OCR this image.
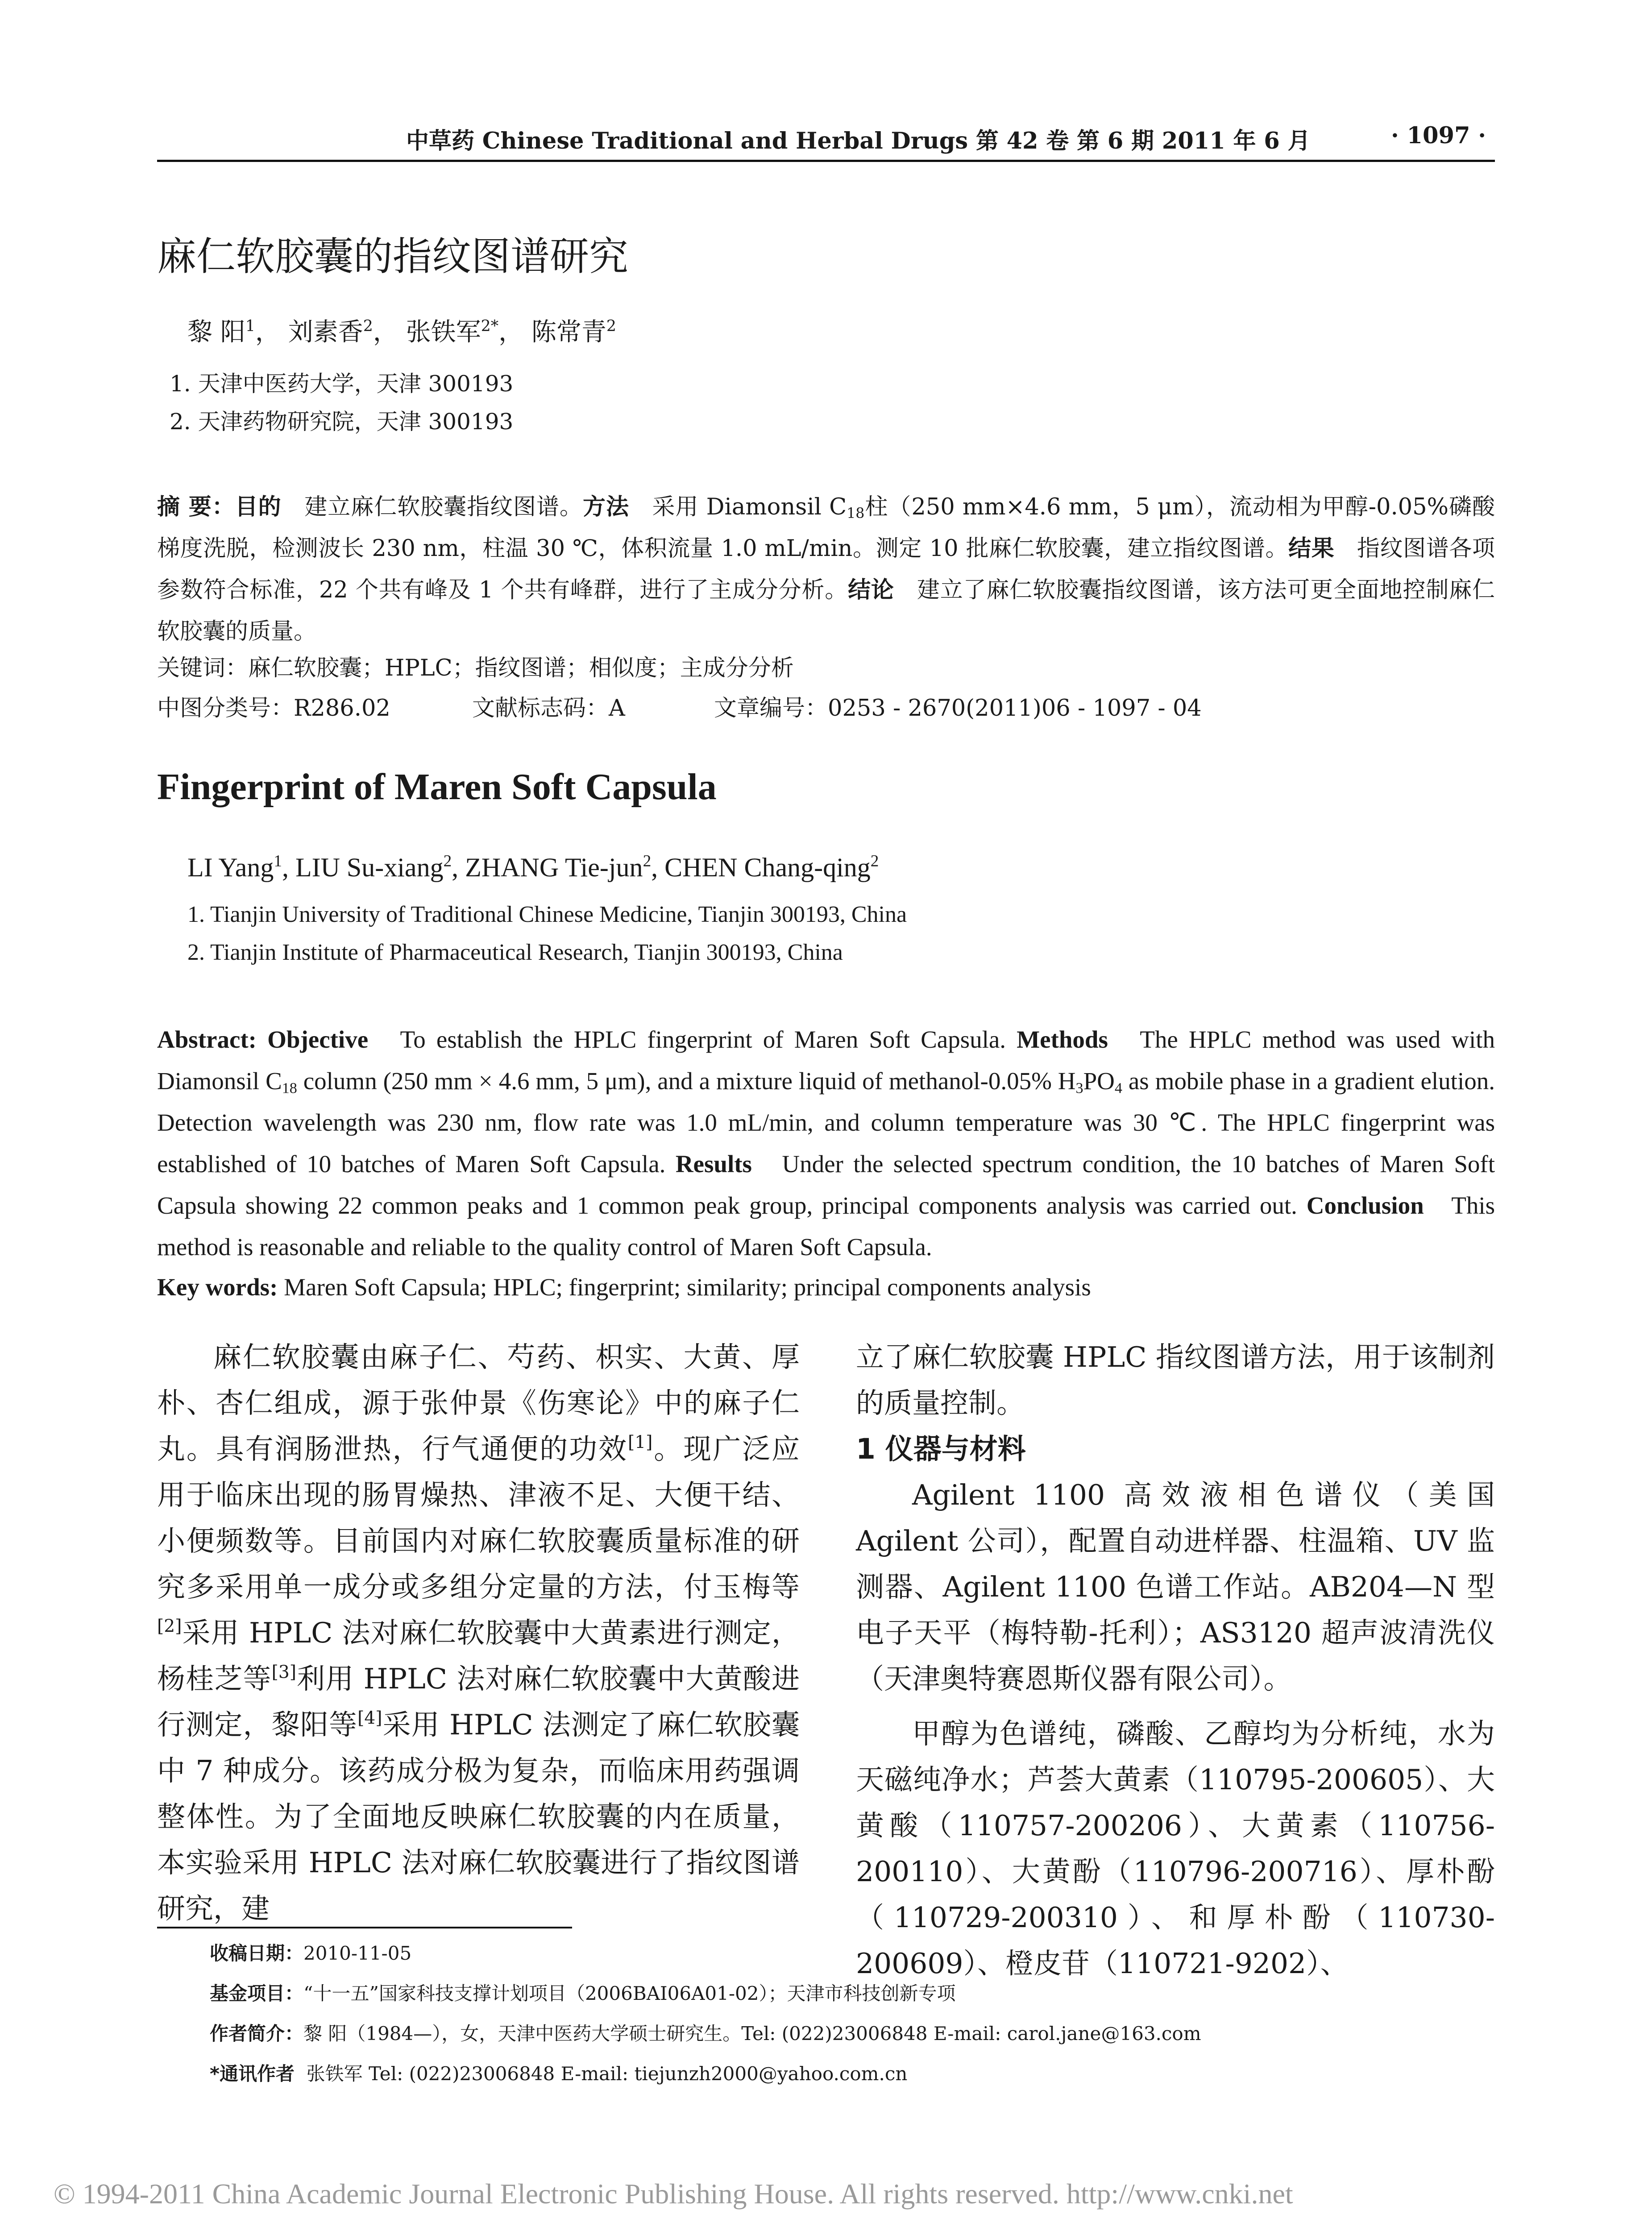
中草药 Chinese Traditional and Herbal Drugs 第 42 卷 第 6 期 2011 年 6 月	· 1097 ·
麻仁软胶囊的指纹图谱研究
黎 阳$^1$， 刘素香$^2$， 张铁军$^{2*}$， 陈常青$^2$
1. 天津中医药大学，天津 300193
2. 天津药物研究院，天津 300193
摘 要：目的 建立麻仁软胶囊指纹图谱。方法 采用 Diamonsil $C_{18}$柱（250 mm×4.6 mm，5 μm），流动相为甲醇-0.05%磷酸梯度洗脱，检测波长 230 nm，柱温 30 ℃，体积流量 1.0 mL/min。测定 10 批麻仁软胶囊，建立指纹图谱。结果 指纹图谱各项参数符合标准，22 个共有峰及 1 个共有峰群，进行了主成分分析。结论 建立了麻仁软胶囊指纹图谱，该方法可更全面地控制麻仁软胶囊的质量。
关键词：麻仁软胶囊；HPLC；指纹图谱；相似度；主成分分析
中图分类号：R286.02	文献标志码：A	文章编号：0253 - 2670(2011)06 - 1097 - 04
Fingerprint of Maren Soft Capsula
LI Yang$^1$, LIU Su-xiang$^2$, ZHANG Tie-jun$^2$, CHEN Chang-qing$^2$
1. Tianjin University of Traditional Chinese Medicine, Tianjin 300193, China
2. Tianjin Institute of Pharmaceutical Research, Tianjin 300193, China
Abstract: Objective To establish the HPLC fingerprint of Maren Soft Capsula. Methods The HPLC method was used with Diamonsil $C_{18}$ column (250 mm × 4.6 mm, 5 μm), and a mixture liquid of methanol-0.05% $H_3PO_4$ as mobile phase in a gradient elution. Detection wavelength was 230 nm, flow rate was 1.0 mL/min, and column temperature was 30 ℃. The HPLC fingerprint was established of 10 batches of Maren Soft Capsula. Results Under the selected spectrum condition, the 10 batches of Maren Soft Capsula showing 22 common peaks and 1 common peak group, principal components analysis was carried out. Conclusion This method is reasonable and reliable to the quality control of Maren Soft Capsula.
Key words: Maren Soft Capsula; HPLC; fingerprint; similarity; principal components analysis

麻仁软胶囊由麻子仁、芍药、枳实、大黄、厚朴、杏仁组成，源于张仲景《伤寒论》中的麻子仁丸。具有润肠泄热，行气通便的功效[1]。现广泛应用于临床出现的肠胃燥热、津液不足、大便干结、小便频数等。目前国内对麻仁软胶囊质量标准的研究多采用单一成分或多组分定量的方法，付玉梅等[2]采用 HPLC 法对麻仁软胶囊中大黄素进行测定，杨桂芝等[3]利用 HPLC 法对麻仁软胶囊中大黄酸进行测定，黎阳等[4]采用 HPLC 法测定了麻仁软胶囊中 7 种成分。该药成分极为复杂，而临床用药强调整体性。为了全面地反映麻仁软胶囊的内在质量，本实验采用 HPLC 法对麻仁软胶囊进行了指纹图谱研究，建

立了麻仁软胶囊 HPLC 指纹图谱方法，用于该制剂的质量控制。

1 仪器与材料

Agilent 1100 高效液相色谱仪（美国 Agilent 公司），配置自动进样器、柱温箱、UV 监测器、Agilent 1100 色谱工作站。AB204—N 型电子天平（梅特勒-托利）；AS3120 超声波清洗仪（天津奥特赛恩斯仪器有限公司）。

甲醇为色谱纯，磷酸、乙醇均为分析纯，水为天磁纯净水；芦荟大黄素（110795-200605）、大黄酸（110757-200206）、大黄素（110756-200110）、大黄酚（110796-200716）、厚朴酚（110729-200310）、和厚朴酚（110730-200609）、橙皮苷（110721-9202）、

收稿日期：2010-11-05
基金项目：“十一五”国家科技支撑计划项目（2006BAI06A01-02）；天津市科技创新专项
作者简介：黎 阳（1984—），女，天津中医药大学硕士研究生。Tel: (022)23006848 E-mail: carol.jane@163.com
*通讯作者 张铁军 Tel: (022)23006848 E-mail: tiejunzh2000@yahoo.com.cn
© 1994-2011 China Academic Journal Electronic Publishing House. All rights reserved. http://www.cnki.net
